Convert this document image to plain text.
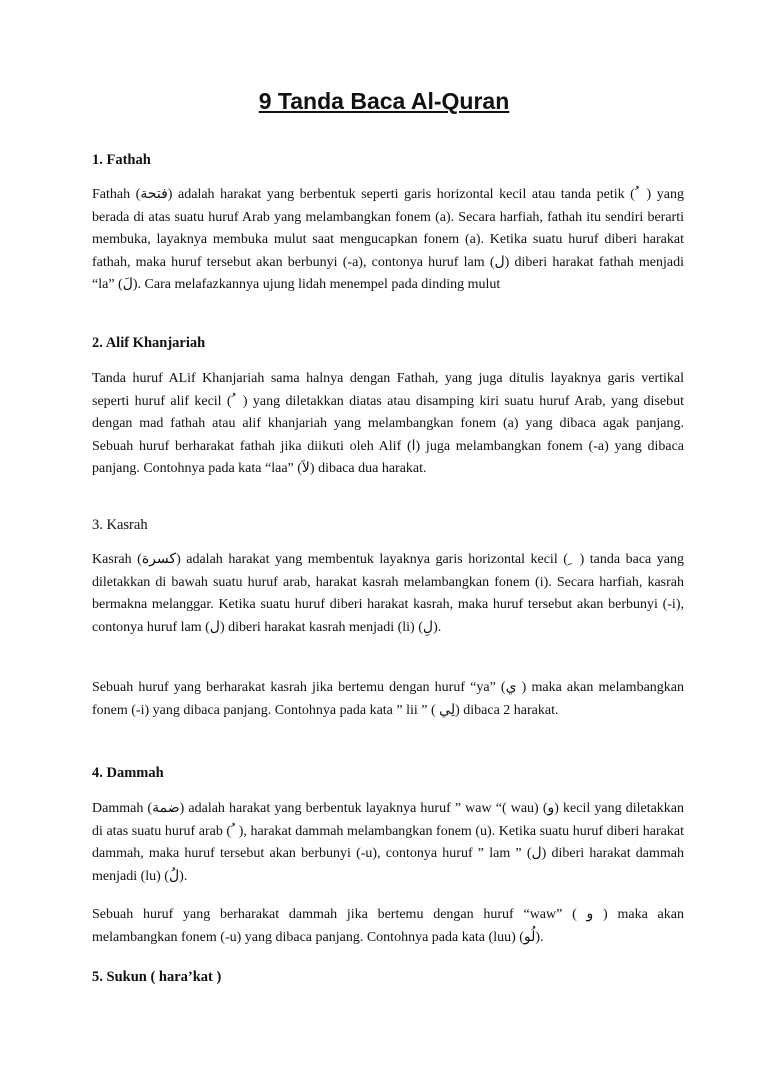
9 Tanda Baca Al-Quran

1. Fathah

Fathah (فتحة) adalah harakat yang berbentuk seperti garis horizontal kecil atau tanda petik ( ُ ) yang berada di atas suatu huruf Arab yang melambangkan fonem (a). Secara harfiah, fathah itu sendiri berarti membuka, layaknya membuka mulut saat mengucapkan fonem (a). Ketika suatu huruf diberi harakat fathah, maka huruf tersebut akan berbunyi (-a), contonya huruf lam (ل) diberi harakat fathah menjadi “la” (لَ). Cara melafazkannya ujung lidah menempel pada dinding mulut

2. Alif Khanjariah

Tanda huruf ALif Khanjariah sama halnya dengan Fathah, yang juga ditulis layaknya garis vertikal seperti huruf alif kecil ( ُ ) yang diletakkan diatas atau disamping kiri suatu huruf Arab, yang disebut dengan mad fathah atau alif khanjariah yang melambangkan fonem (a) yang dibaca agak panjang. Sebuah huruf berharakat fathah jika diikuti oleh Alif (ا) juga melambangkan fonem (-a) yang dibaca panjang. Contohnya pada kata “laa” (لاَ) dibaca dua harakat.

3. Kasrah

Kasrah (كسرة) adalah harakat yang membentuk layaknya garis horizontal kecil ( ِ ) tanda baca yang diletakkan di bawah suatu huruf arab, harakat kasrah melambangkan fonem (i). Secara harfiah, kasrah bermakna melanggar. Ketika suatu huruf diberi harakat kasrah, maka huruf tersebut akan berbunyi (-i), contonya huruf lam (ل) diberi harakat kasrah menjadi (li) (لِ).

Sebuah huruf yang berharakat kasrah jika bertemu dengan huruf “ya” (ي ) maka akan melambangkan fonem (-i) yang dibaca panjang. Contohnya pada kata ” lii ” ( لِي) dibaca 2 harakat.

4. Dammah

Dammah (ضمة) adalah harakat yang berbentuk layaknya huruf ” waw “( wau) (و) kecil yang diletakkan di atas suatu huruf arab ( ُ ), harakat dammah melambangkan fonem (u). Ketika suatu huruf diberi harakat dammah, maka huruf tersebut akan berbunyi (-u), contonya huruf ” lam ” (ل) diberi harakat dammah menjadi (lu) (لُ).

Sebuah huruf yang berharakat dammah jika bertemu dengan huruf “waw” ( و ) maka akan melambangkan fonem (-u) yang dibaca panjang. Contohnya pada kata (luu) (لُو).

5. Sukun ( hara’kat )
